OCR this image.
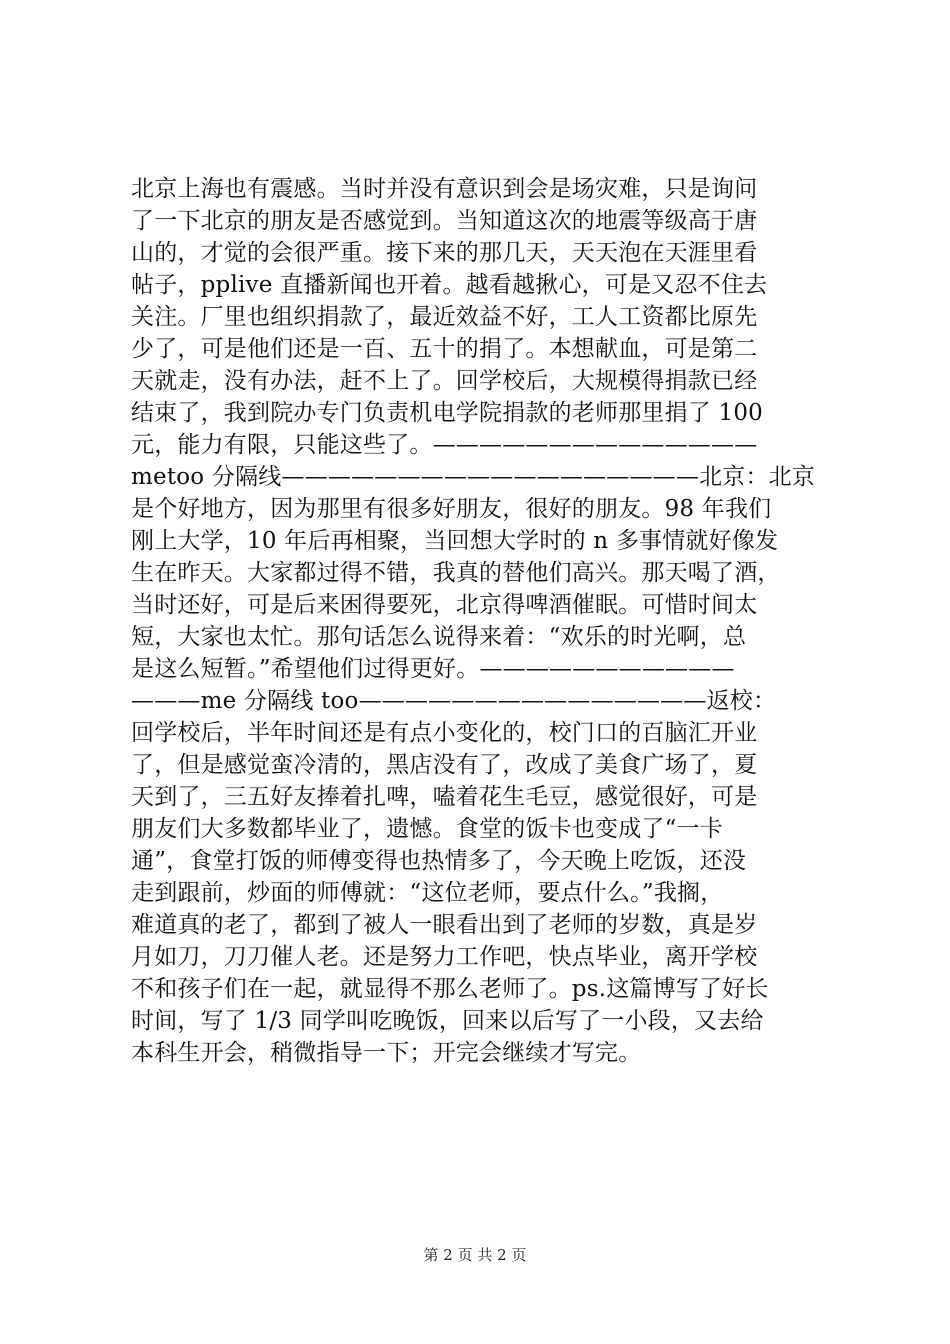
北京上海也有震感。当时并没有意识到会是场灾难，只是询问
了一下北京的朋友是否感觉到。当知道这次的地震等级高于唐
山的，才觉的会很严重。接下来的那几天，天天泡在天涯里看
帖子，pplive 直播新闻也开着。越看越揪心，可是又忍不住去
关注。厂里也组织捐款了，最近效益不好，工人工资都比原先
少了，可是他们还是一百、五十的捐了。本想献血，可是第二
天就走，没有办法，赶不上了。回学校后，大规模得捐款已经
结束了，我到院办专门负责机电学院捐款的老师那里捐了 100
元，能力有限，只能这些了。——————————————
metoo 分隔线——————————————————北京：北京
是个好地方，因为那里有很多好朋友，很好的朋友。98 年我们
刚上大学，10 年后再相聚，当回想大学时的 n 多事情就好像发
生在昨天。大家都过得不错，我真的替他们高兴。那天喝了酒，
当时还好，可是后来困得要死，北京得啤酒催眠。可惜时间太
短，大家也太忙。那句话怎么说得来着：“欢乐的时光啊，总
是这么短暂。”希望他们过得更好。———————————
———me 分隔线 too———————————————返校：
回学校后，半年时间还是有点小变化的，校门口的百脑汇开业
了，但是感觉蛮冷清的，黑店没有了，改成了美食广场了，夏
天到了，三五好友捧着扎啤，嗑着花生毛豆，感觉很好，可是
朋友们大多数都毕业了，遗憾。食堂的饭卡也变成了“一卡
通”，食堂打饭的师傅变得也热情多了，今天晚上吃饭，还没
走到跟前，炒面的师傅就：“这位老师，要点什么。”我搁，
难道真的老了，都到了被人一眼看出到了老师的岁数，真是岁
月如刀，刀刀催人老。还是努力工作吧，快点毕业，离开学校
不和孩子们在一起，就显得不那么老师了。ps.这篇博写了好长
时间，写了 1/3 同学叫吃晚饭，回来以后写了一小段，又去给
本科生开会，稍微指导一下；开完会继续才写完。
第 2 页 共 2 页
